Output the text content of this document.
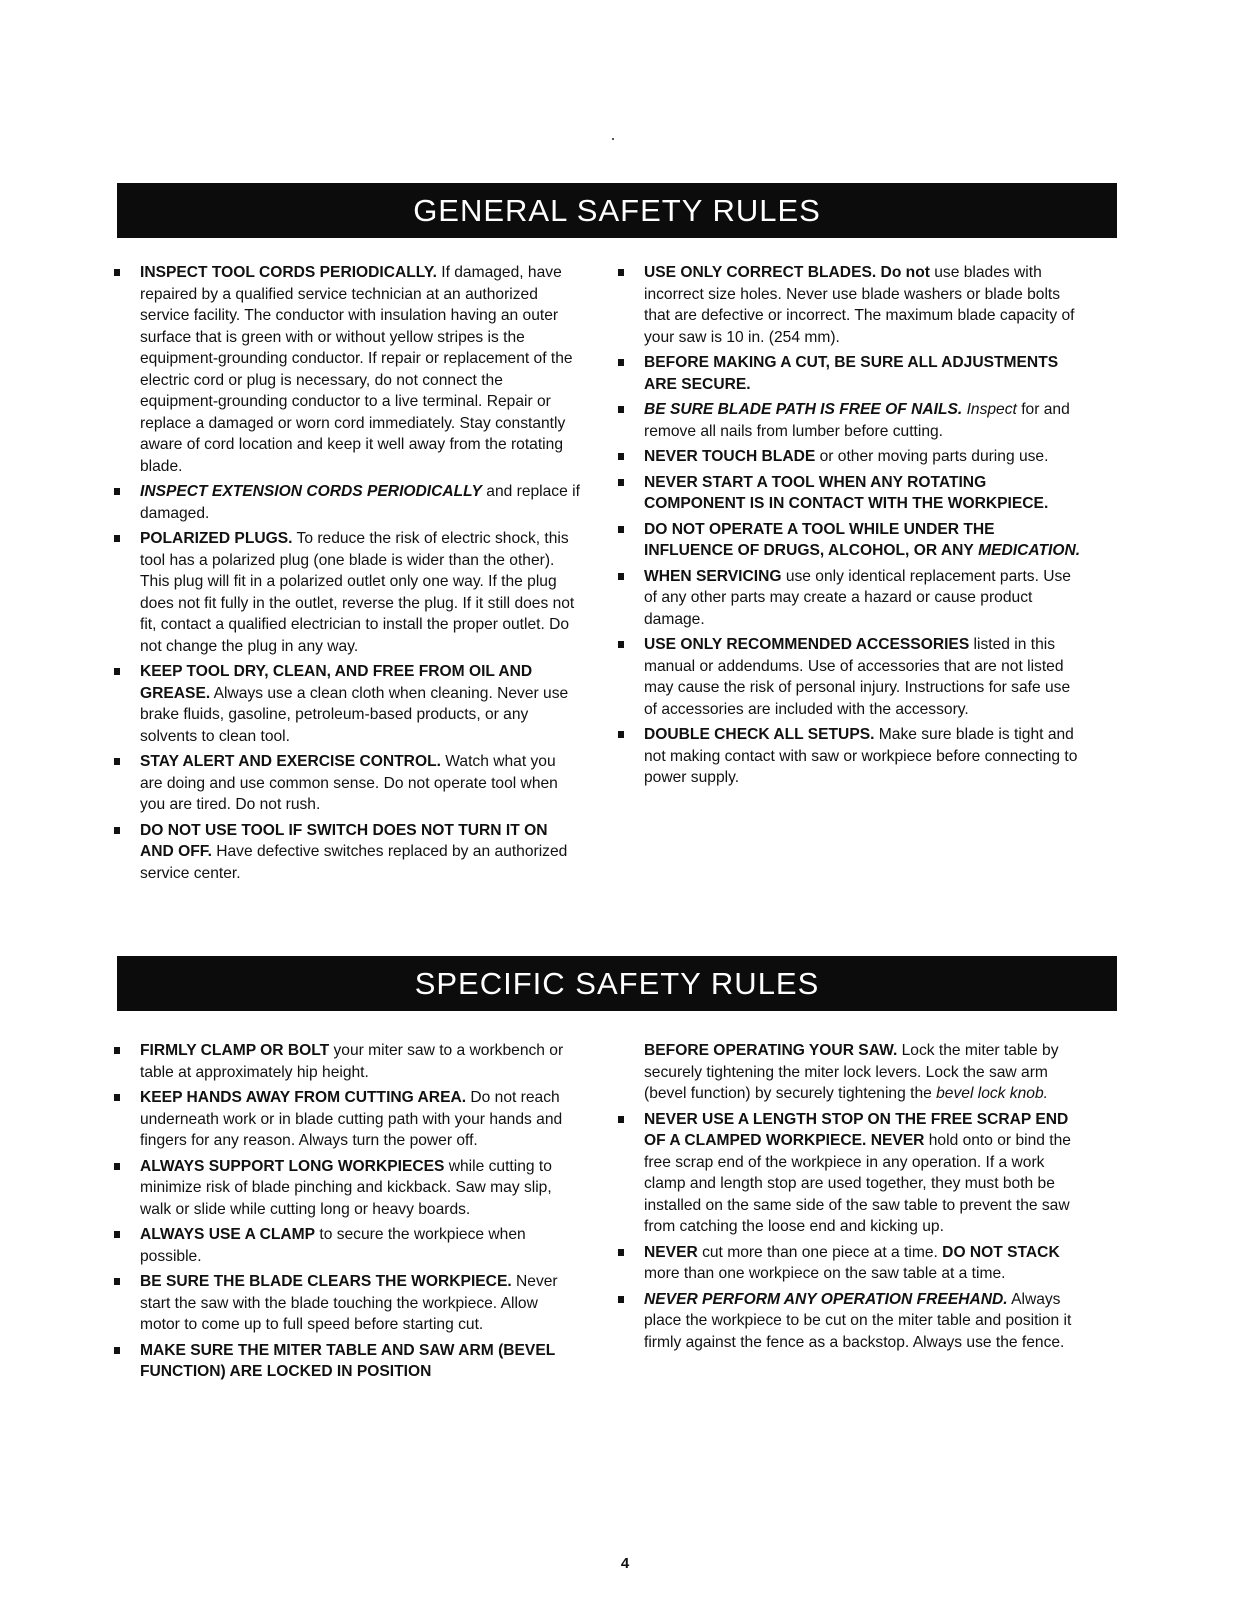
GENERAL SAFETY RULES
INSPECT TOOL CORDS PERIODICALLY. If damaged, have repaired by a qualified service technician at an authorized service facility. The conductor with insulation having an outer surface that is green with or without yellow stripes is the equipment-grounding conductor. If repair or replacement of the electric cord or plug is necessary, do not connect the equipment-grounding conductor to a live terminal. Repair or replace a damaged or worn cord immediately. Stay constantly aware of cord location and keep it well away from the rotating blade.
INSPECT EXTENSION CORDS PERIODICALLY and replace if damaged.
POLARIZED PLUGS. To reduce the risk of electric shock, this tool has a polarized plug (one blade is wider than the other). This plug will fit in a polarized outlet only one way. If the plug does not fit fully in the outlet, reverse the plug. If it still does not fit, contact a qualified electrician to install the proper outlet. Do not change the plug in any way.
KEEP TOOL DRY, CLEAN, AND FREE FROM OIL AND GREASE. Always use a clean cloth when cleaning. Never use brake fluids, gasoline, petroleum-based products, or any solvents to clean tool.
STAY ALERT AND EXERCISE CONTROL. Watch what you are doing and use common sense. Do not operate tool when you are tired. Do not rush.
DO NOT USE TOOL IF SWITCH DOES NOT TURN IT ON AND OFF. Have defective switches replaced by an authorized service center.
USE ONLY CORRECT BLADES. Do not use blades with incorrect size holes. Never use blade washers or blade bolts that are defective or incorrect. The maximum blade capacity of your saw is 10 in. (254 mm).
BEFORE MAKING A CUT, BE SURE ALL ADJUSTMENTS ARE SECURE.
BE SURE BLADE PATH IS FREE OF NAILS. Inspect for and remove all nails from lumber before cutting.
NEVER TOUCH BLADE or other moving parts during use.
NEVER START A TOOL WHEN ANY ROTATING COMPONENT IS IN CONTACT WITH THE WORKPIECE.
DO NOT OPERATE A TOOL WHILE UNDER THE INFLUENCE OF DRUGS, ALCOHOL, OR ANY MEDICATION.
WHEN SERVICING use only identical replacement parts. Use of any other parts may create a hazard or cause product damage.
USE ONLY RECOMMENDED ACCESSORIES listed in this manual or addendums. Use of accessories that are not listed may cause the risk of personal injury. Instructions for safe use of accessories are included with the accessory.
DOUBLE CHECK ALL SETUPS. Make sure blade is tight and not making contact with saw or workpiece before connecting to power supply.
SPECIFIC SAFETY RULES
FIRMLY CLAMP OR BOLT your miter saw to a workbench or table at approximately hip height.
KEEP HANDS AWAY FROM CUTTING AREA. Do not reach underneath work or in blade cutting path with your hands and fingers for any reason. Always turn the power off.
ALWAYS SUPPORT LONG WORKPIECES while cutting to minimize risk of blade pinching and kickback. Saw may slip, walk or slide while cutting long or heavy boards.
ALWAYS USE A CLAMP to secure the workpiece when possible.
BE SURE THE BLADE CLEARS THE WORKPIECE. Never start the saw with the blade touching the workpiece. Allow motor to come up to full speed before starting cut.
MAKE SURE THE MITER TABLE AND SAW ARM (BEVEL FUNCTION) ARE LOCKED IN POSITION
BEFORE OPERATING YOUR SAW. Lock the miter table by securely tightening the miter lock levers. Lock the saw arm (bevel function) by securely tightening the bevel lock knob.
NEVER USE A LENGTH STOP ON THE FREE SCRAP END OF A CLAMPED WORKPIECE. NEVER hold onto or bind the free scrap end of the workpiece in any operation. If a work clamp and length stop are used together, they must both be installed on the same side of the saw table to prevent the saw from catching the loose end and kicking up.
NEVER cut more than one piece at a time. DO NOT STACK more than one workpiece on the saw table at a time.
NEVER PERFORM ANY OPERATION FREEHAND. Always place the workpiece to be cut on the miter table and position it firmly against the fence as a backstop. Always use the fence.
4
